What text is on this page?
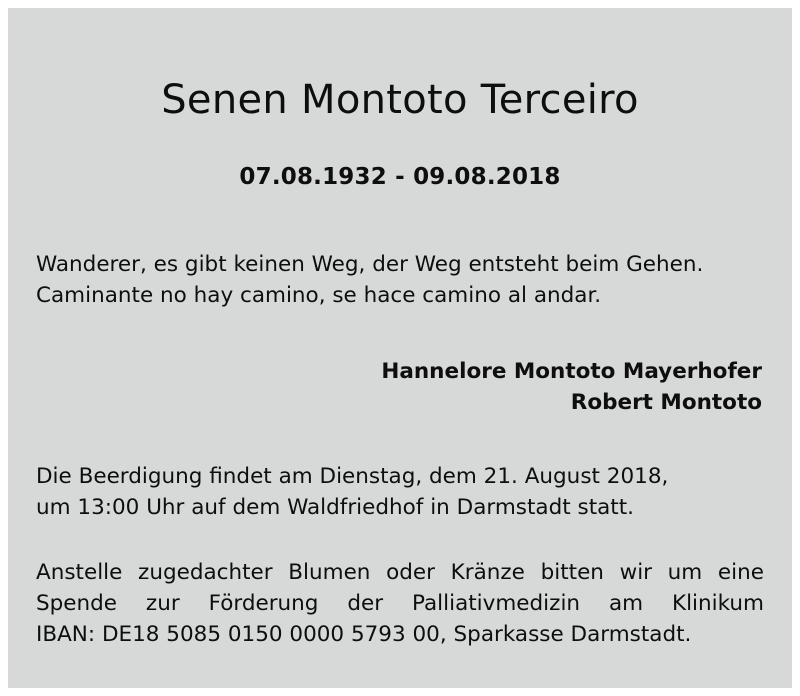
Senen Montoto Terceiro
07.08.1932 - 09.08.2018
Wanderer, es gibt keinen Weg, der Weg entsteht beim Gehen.
Caminante no hay camino, se hace camino al andar.
Hannelore Montoto Mayerhofer
Robert Montoto
Die Beerdigung findet am Dienstag, dem 21. August 2018,
um 13:00 Uhr auf dem Waldfriedhof in Darmstadt statt.
Anstelle zugedachter Blumen oder Kränze bitten wir um eine
Spende zur Förderung der Palliativmedizin am Klinikum
IBAN: DE18 5085 0150 0000 5793 00, Sparkasse Darmstadt.
